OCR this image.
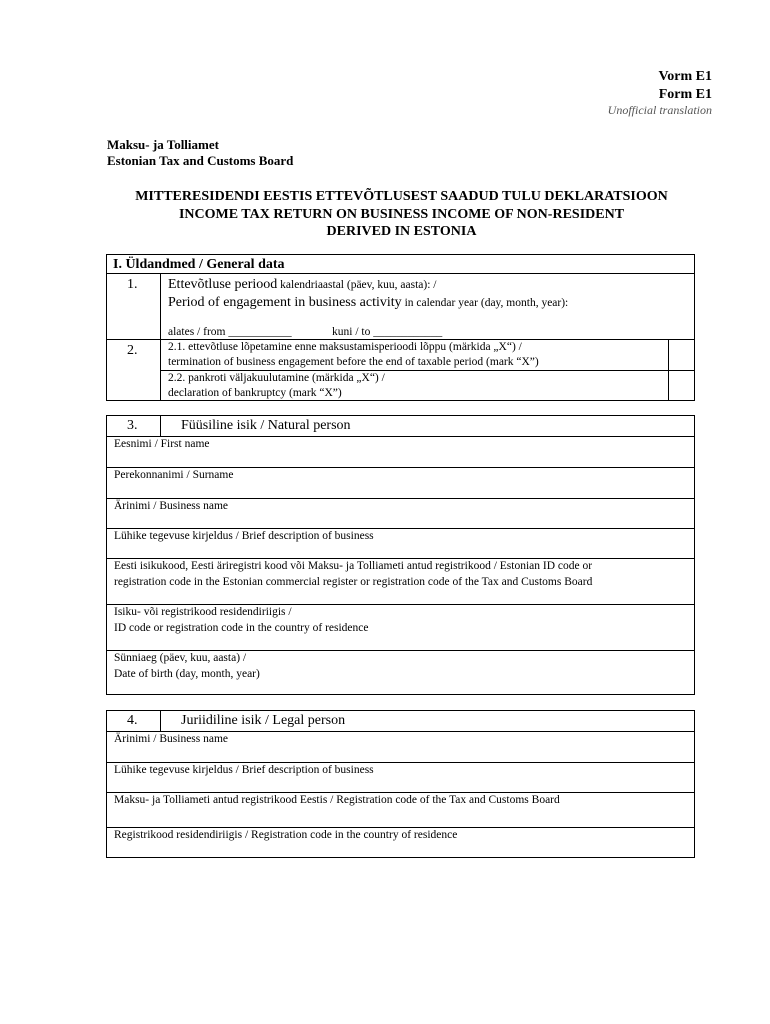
Vorm E1
Form E1
Unofficial translation
Maksu- ja Tolliamet
Estonian Tax and Customs Board
MITTERESIDENDI EESTIS ETTEVÕTLUSEST SAADUD TULU DEKLARATSIOON
INCOME TAX RETURN ON BUSINESS INCOME OF NON-RESIDENT
DERIVED IN ESTONIA
I. Üldandmed / General data
1. Ettevõtluse periood kalendriaastal (päev, kuu, aasta): /
Period of engagement in business activity in calendar year (day, month, year):
alates / from ___________	kuni / to ____________
2.	2.1. ettevõtluse lõpetamine enne maksustamisperioodi lõppu (märkida „X“) /
termination of business engagement before the end of taxable period (mark “X”)
2.2. pankroti väljakuulutamine (märkida „X“) /
declaration of bankruptcy (mark “X”)
3.	Füüsiline isik / Natural person
Eesnimi / First name
Perekonnanimi / Surname
Ärinimi / Business name
Lühike tegevuse kirjeldus / Brief description of business
Eesti isikukood, Eesti äriregistri kood või Maksu- ja Tolliameti antud registrikood / Estonian ID code or
registration code in the Estonian commercial register or registration code of the Tax and Customs Board
Isiku- või registrikood residendiriigis /
ID code or registration code in the country of residence
Sünniaeg (päev, kuu, aasta) /
Date of birth (day, month, year)
4.	Juriidiline isik / Legal person
Ärinimi / Business name
Lühike tegevuse kirjeldus / Brief description of business
Maksu- ja Tolliameti antud registrikood Eestis / Registration code of the Tax and Customs Board
Registrikood residendiriigis / Registration code in the country of residence
